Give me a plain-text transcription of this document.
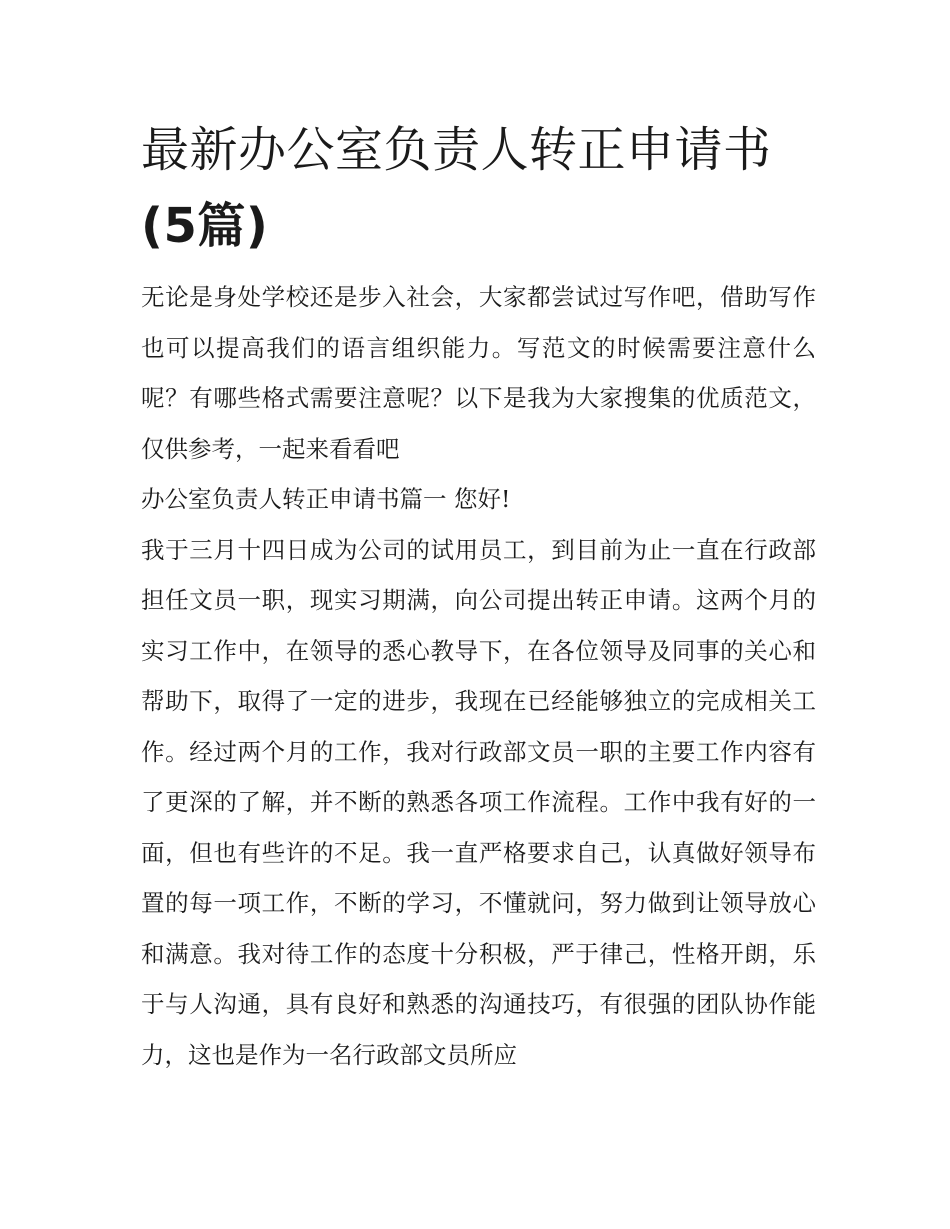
最新办公室负责人转正申请书
(5篇)

无论是身处学校还是步入社会，大家都尝试过写作吧，借助写作也可以提高我们的语言组织能力。写范文的时候需要注意什么呢？有哪些格式需要注意呢？以下是我为大家搜集的优质范文，仅供参考，一起来看看吧

办公室负责人转正申请书篇一 您好!

我于三月十四日成为公司的试用员工，到目前为止一直在行政部担任文员一职，现实习期满，向公司提出转正申请。这两个月的实习工作中，在领导的悉心教导下，在各位领导及同事的关心和帮助下，取得了一定的进步，我现在已经能够独立的完成相关工作。经过两个月的工作，我对行政部文员一职的主要工作内容有了更深的了解，并不断的熟悉各项工作流程。工作中我有好的一面，但也有些许的不足。我一直严格要求自己，认真做好领导布置的每一项工作，不断的学习，不懂就问，努力做到让领导放心和满意。我对待工作的态度十分积极，严于律己，性格开朗，乐于与人沟通，具有良好和熟悉的沟通技巧，有很强的团队协作能力，这也是作为一名行政部文员所应
